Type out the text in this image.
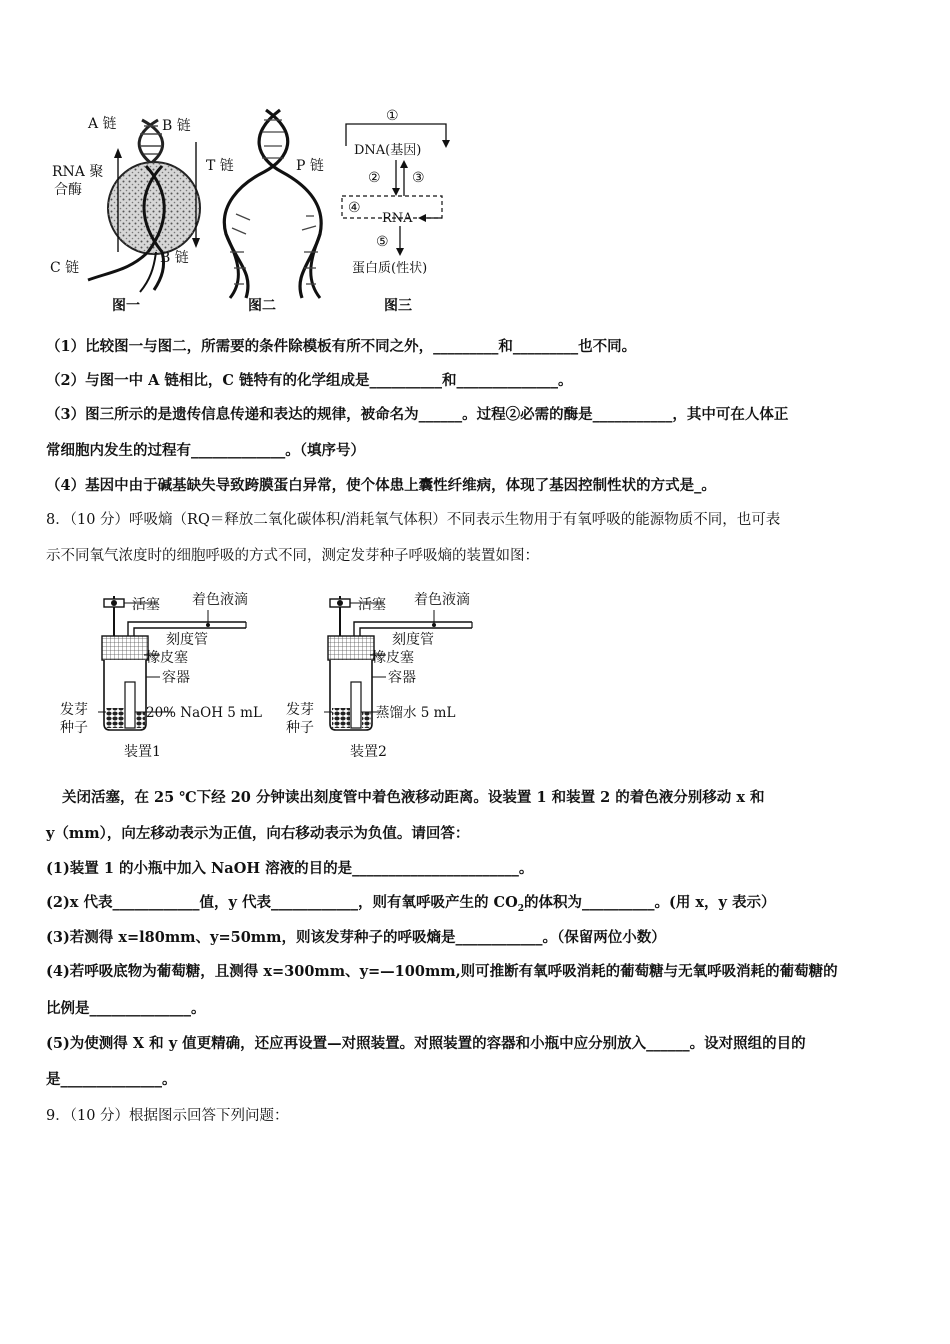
A 链	B 链
RNA 聚
合酶
C 链
B 链
图一
T 链	P 链
图二
①
DNA(基因)
② ③
④
RNA
⑤
蛋白质(性状)
图三
（1）比较图一与图二，所需要的条件除模板有所不同之外，_________和_________也不同。
（2）与图一中 A 链相比，C 链特有的化学组成是__________和______________。
（3）图三所示的是遗传信息传递和表达的规律，被命名为______。过程②必需的酶是___________，其中可在人体正
常细胞内发生的过程有_____________。（填序号）
（4）基因中由于碱基缺失导致跨膜蛋白异常，使个体患上囊性纤维病，体现了基因控制性状的方式是_。
8．（10 分）呼吸熵（RQ＝释放二氧化碳体积/消耗氧气体积）不同表示生物用于有氧呼吸的能源物质不同，也可表
示不同氧气浓度时的细胞呼吸的方式不同，测定发芽种子呼吸熵的装置如图：
活塞 着色液滴
刻度管
橡皮塞
容器
发芽
种子
20% NaOH 5 mL
装置1
活塞 着色液滴
刻度管
橡皮塞
容器
发芽
种子
蒸馏水 5 mL
装置2
关闭活塞，在 25 ℃下经 20 分钟读出刻度管中着色液移动距离。设装置 1 和装置 2 的着色液分别移动 x 和
y（mm），向左移动表示为正值，向右移动表示为负值。请回答：
(1)装置 1 的小瓶中加入 NaOH 溶液的目的是_______________________。
(2)x 代表____________值，y 代表____________，则有氧呼吸产生的 $CO_2$的体积为__________。(用 x，y 表示）
(3)若测得 x=l80mm、y=50mm，则该发芽种子的呼吸熵是____________。（保留两位小数）
(4)若呼吸底物为葡萄糖，且测得 x=300mm、y=—100mm,则可推断有氧呼吸消耗的葡萄糖与无氧呼吸消耗的葡萄糖的
比例是______________。
(5)为使测得 X 和 y 值更精确，还应再设置—对照装置。对照装置的容器和小瓶中应分别放入______。设对照组的目的
是______________。
9．（10 分）根据图示回答下列问题：
